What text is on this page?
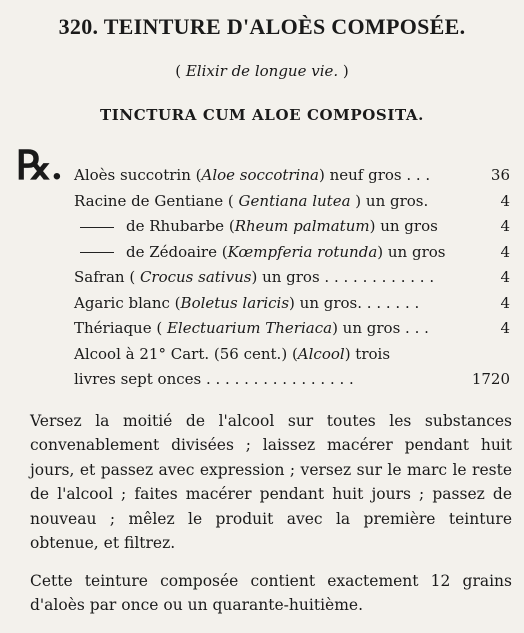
320. TEINTURE D'ALOÈS COMPOSÉE.
( Elixir de longue vie. )
TINCTURA CUM ALOE COMPOSITA.
℞. Aloès succotrin (Aloe soccotrina) neuf gros . . .	36
Racine de Gentiane ( Gentiana lutea ) un gros.	4
de Rhubarbe (Rheum palmatum) un gros	4
de Zédoaire (Kœmpferia rotunda) un gros	4
Safran ( Crocus sativus) un gros . . . . . . . . . . . .	4
Agaric blanc (Boletus laricis) un gros. . . . . . .	4
Thériaque ( Electuarium Theriaca) un gros . . .	4
Alcool à 21° Cart. (56 cent.) (Alcool) trois
livres sept onces . . . . . . . . . . . . . . . .	1720
Versez la moitié de l'alcool sur toutes les substances convenablement divisées ; laissez macérer pendant huit jours, et passez avec expression ; versez sur le marc le reste de l'alcool ; faites macérer pendant huit jours ; passez de nouveau ; mêlez le produit avec la première teinture obtenue, et filtrez.
Cette teinture composée contient exactement 12 grains d'aloès par once ou un quarante-huitième.
